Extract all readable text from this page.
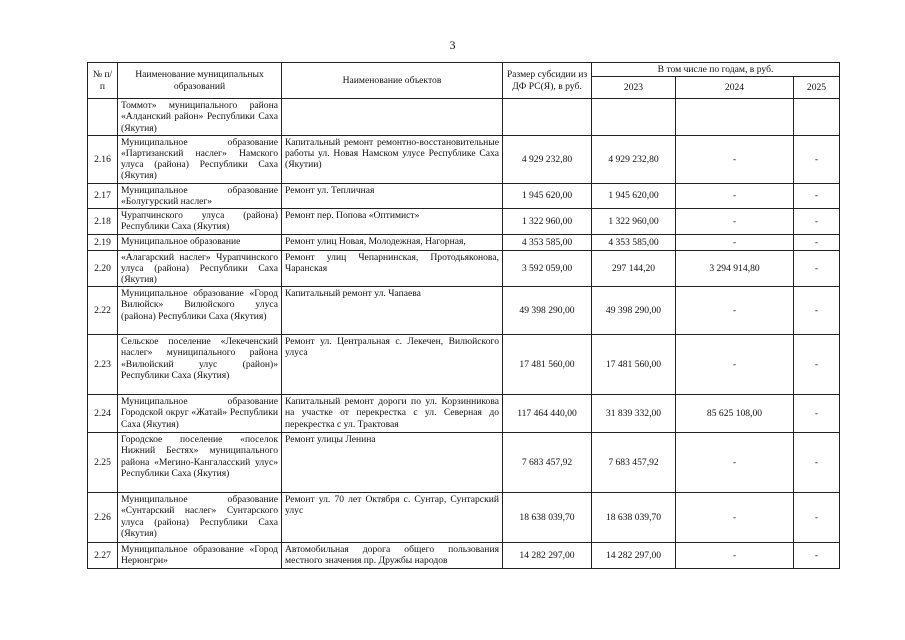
3
№ п/п	Наименование муниципальных образований	Наименование объектов	Размер субсидии из ДФ РС(Я), в руб.	В том числе по годам, в руб.		
				2023	2024	2025
	Томмот» муниципального района «Алданский район» Республики Саха (Якутия)					
2.16	Муниципальное образование «Партизанский наслег» Намского улуса (района) Республики Саха (Якутия)	Капитальный ремонт ремонтно-восстановительные работы ул. Новая Намском улусе Республике Саха (Якутии)	4 929 232,80	4 929 232,80	-	-
2.17	Муниципальное образование «Болугурский наслег»	Ремонт ул. Тепличная	1 945 620,00	1 945 620,00	-	-
2.18	Чурапчинского улуса (района) Республики Саха (Якутия)	Ремонт пер. Попова «Оптимист»	1 322 960,00	1 322 960,00	-	-
2.19	Муниципальное образование	Ремонт улиц Новая, Молодежная, Нагорная,	4 353 585,00	4 353 585,00	-	-
2.20	«Алагарский наслег» Чурапчинского улуса (района) Республики Саха (Якутия)	Ремонт улиц Чепарнинская, Протодьяконова, Чаранская	3 592 059,00	297 144,20	3 294 914,80	-
2.22	Муниципальное образование «Город Вилюйск» Вилюйского улуса (района) Республики Саха (Якутия)	Капитальный ремонт ул. Чапаева	49 398 290,00	49 398 290,00	-	-
2.23	Сельское поселение «Лекеченский наслег» муниципального района «Вилюйский улус (район)» Республики Саха (Якутия)	Ремонт ул. Центральная с. Лекечен, Вилюйского улуса	17 481 560,00	17 481 560,00	-	-
2.24	Муниципальное образование Городской округ «Жатай» Республики Саха (Якутия)	Капитальный ремонт дороги по ул. Корзинникова на участке от перекрестка с ул. Северная до перекрестка с ул. Трактовая	117 464 440,00	31 839 332,00	85 625 108,00	-
2.25	Городское поселение «поселок Нижний Бестях» муниципального района «Мегино-Кангаласский улус» Республики Саха (Якутия)	Ремонт улицы Ленина	7 683 457,92	7 683 457,92	-	-
2.26	Муниципальное образование «Сунтарский наслег» Сунтарского улуса (района) Республики Саха (Якутия)	Ремонт ул. 70 лет Октября с. Сунтар, Сунтарский улус	18 638 039,70	18 638 039,70	-	-
2.27	Муниципальное образование «Город Нерюнгри»	Автомобильная дорога общего пользования местного значения пр. Дружбы народов	14 282 297,00	14 282 297,00	-	-
